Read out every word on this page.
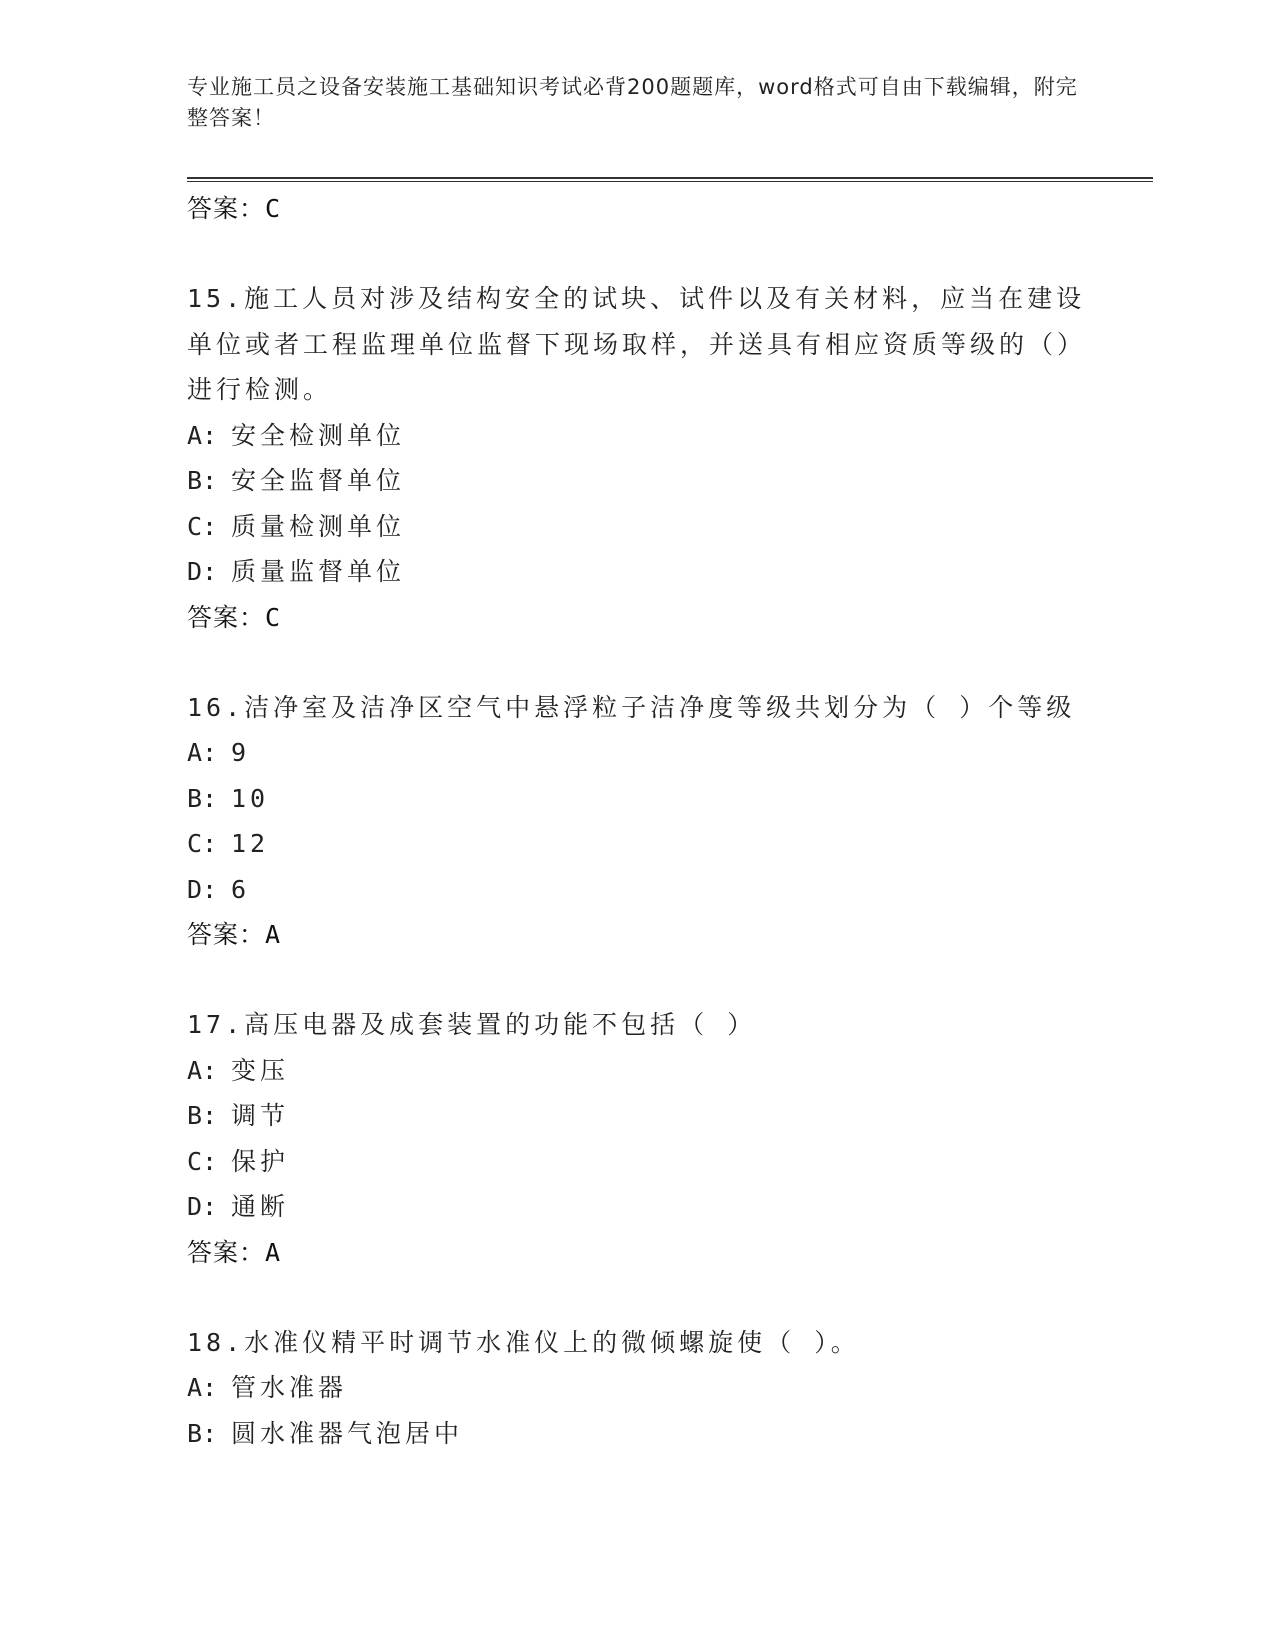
专业施工员之设备安装施工基础知识考试必背200题题库，word格式可自由下载编辑，附完整答案！
答案：C
15.施工人员对涉及结构安全的试块、试件以及有关材料，应当在建设单位或者工程监理单位监督下现场取样，并送具有相应资质等级的（）进行检测。
A: 安全检测单位
B: 安全监督单位
C: 质量检测单位
D: 质量监督单位
答案：C
16.洁净室及洁净区空气中悬浮粒子洁净度等级共划分为（ ）个等级
A: 9
B: 10
C: 12
D: 6
答案：A
17.高压电器及成套装置的功能不包括（ ）
A: 变压
B: 调节
C: 保护
D: 通断
答案：A
18.水准仪精平时调节水准仪上的微倾螺旋使（ ）。
A: 管水准器
B: 圆水准器气泡居中
